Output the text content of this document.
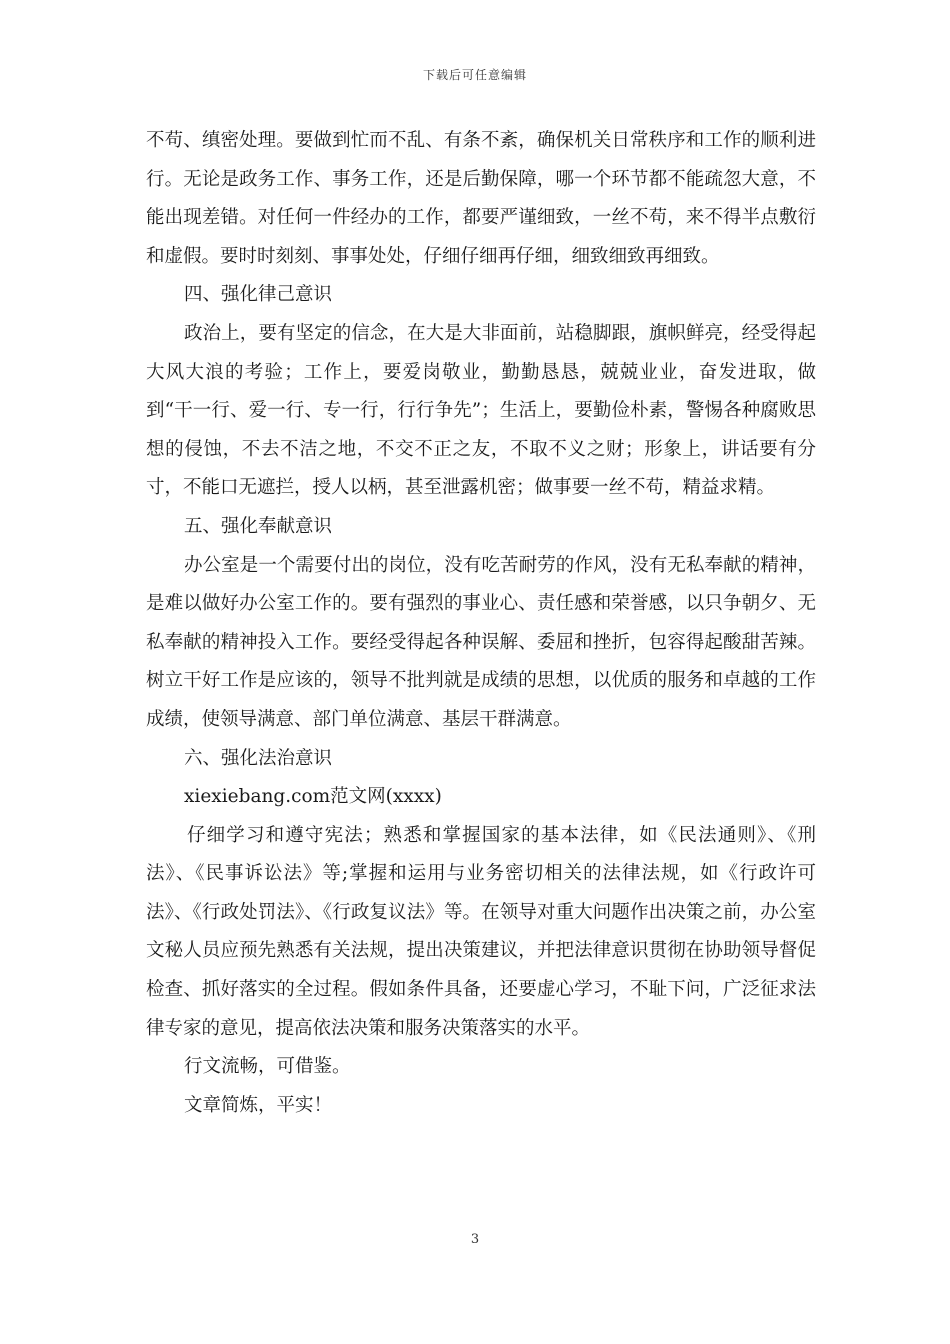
下载后可任意编辑

不苟、缜密处理。要做到忙而不乱、有条不紊，确保机关日常秩序和工作的顺利进行。无论是政务工作、事务工作，还是后勤保障，哪一个环节都不能疏忽大意，不能出现差错。对任何一件经办的工作，都要严谨细致，一丝不苟，来不得半点敷衍和虚假。要时时刻刻、事事处处，仔细仔细再仔细，细致细致再细致。

四、强化律己意识

政治上，要有坚定的信念，在大是大非面前，站稳脚跟，旗帜鲜亮，经受得起大风大浪的考验；工作上，要爱岗敬业，勤勤恳恳，兢兢业业，奋发进取，做到“干一行、爱一行、专一行，行行争先”；生活上，要勤俭朴素，警惕各种腐败思想的侵蚀，不去不洁之地，不交不正之友，不取不义之财；形象上，讲话要有分寸，不能口无遮拦，授人以柄，甚至泄露机密；做事要一丝不苟，精益求精。

五、强化奉献意识

办公室是一个需要付出的岗位，没有吃苦耐劳的作风，没有无私奉献的精神，是难以做好办公室工作的。要有强烈的事业心、责任感和荣誉感，以只争朝夕、无私奉献的精神投入工作。要经受得起各种误解、委屈和挫折，包容得起酸甜苦辣。树立干好工作是应该的，领导不批判就是成绩的思想，以优质的服务和卓越的工作成绩，使领导满意、部门单位满意、基层干群满意。

六、强化法治意识

xiexiebang.com范文网(xxxx)

仔细学习和遵守宪法；熟悉和掌握国家的基本法律，如《民法通则》、《刑法》、《民事诉讼法》等;掌握和运用与业务密切相关的法律法规，如《行政许可法》、《行政处罚法》、《行政复议法》等。在领导对重大问题作出决策之前，办公室文秘人员应预先熟悉有关法规，提出决策建议，并把法律意识贯彻在协助领导督促检查、抓好落实的全过程。假如条件具备，还要虚心学习，不耻下问，广泛征求法律专家的意见，提高依法决策和服务决策落实的水平。

行文流畅，可借鉴。

文章简炼，平实！

3
